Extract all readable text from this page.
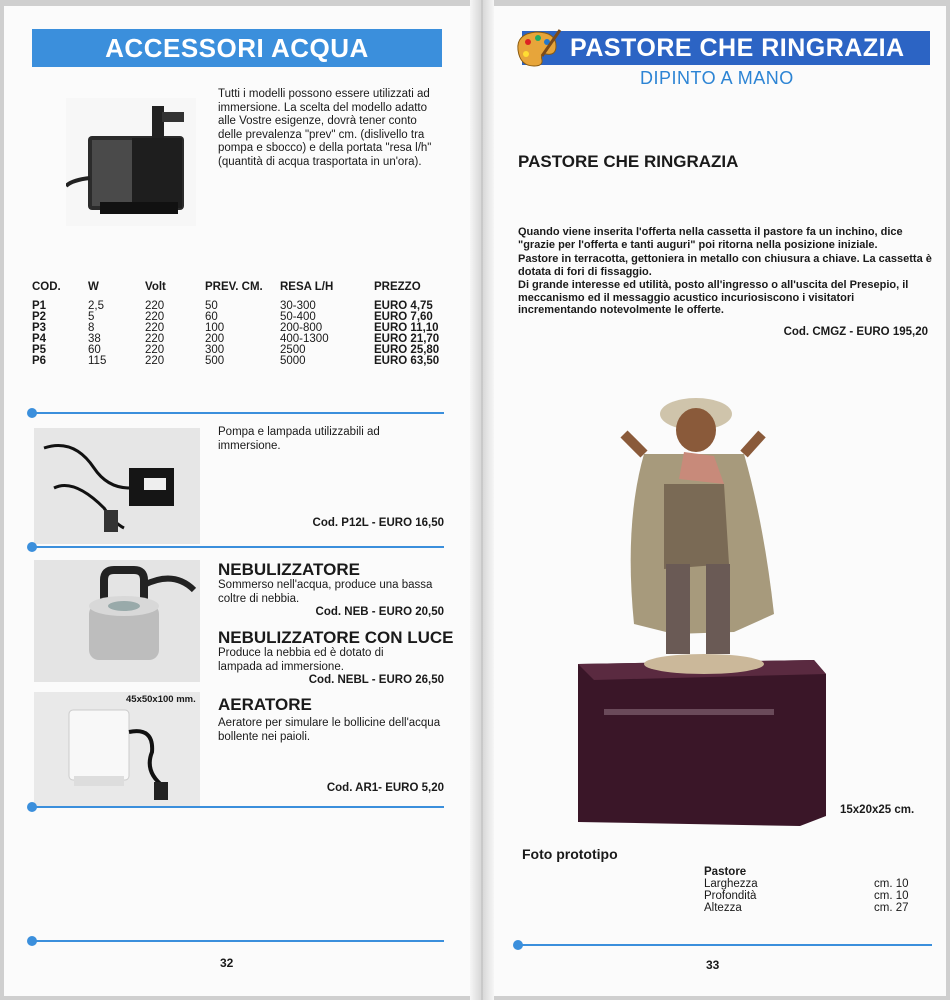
ACCESSORI ACQUA
Tutti i modelli possono essere utilizzati ad immersione. La scelta del modello adatto alle Vostre esigenze, dovrà tener conto delle prevalenza "prev" cm. (dislivello tra pompa e sbocco) e della portata "resa l/h" (quantità di acqua trasportata in un'ora).
COD.	W	Volt	PREV. CM.	RESA L/H	PREZZO
P1	2,5	220	50	30-300	EURO 4,75
P2	5	220	60	50-400	EURO 7,60
P3	8	220	100	200-800	EURO 11,10
P4	38	220	200	400-1300	EURO 21,70
P5	60	220	300	2500	EURO 25,80
P6	115	220	500	5000	EURO 63,50
Pompa e lampada utilizzabili ad immersione.
Cod. P12L - EURO 16,50
NEBULIZZATORE
Sommerso nell'acqua, produce una bassa coltre di nebbia.
Cod. NEB - EURO 20,50
NEBULIZZATORE CON LUCE
Produce la nebbia ed è dotato di lampada ad immersione.
Cod. NEBL - EURO 26,50
45x50x100 mm. AERATORE
Aeratore per simulare le bollicine dell'acqua bollente nei paioli.
Cod. AR1- EURO 5,20
32
PASTORE CHE RINGRAZIA
DIPINTO A MANO
PASTORE CHE RINGRAZIA
Quando viene inserita l'offerta nella cassetta il pastore fa un inchino, dice "grazie per l'offerta e tanti auguri" poi ritorna nella posizione iniziale.
Pastore in terracotta, gettoniera in metallo con chiusura a chiave. La cassetta è dotata di fori di fissaggio.
Di grande interesse ed utilità, posto all'ingresso o all'uscita del Presepio, il meccanismo ed il messaggio acustico incuriosiscono i visitatori incrementando notevolmente le offerte.
Cod. CMGZ - EURO 195,20
15x20x25 cm.
Foto prototipo
Pastore
Larghezza	cm. 10
Profondità	cm. 10
Altezza	cm. 27
33
